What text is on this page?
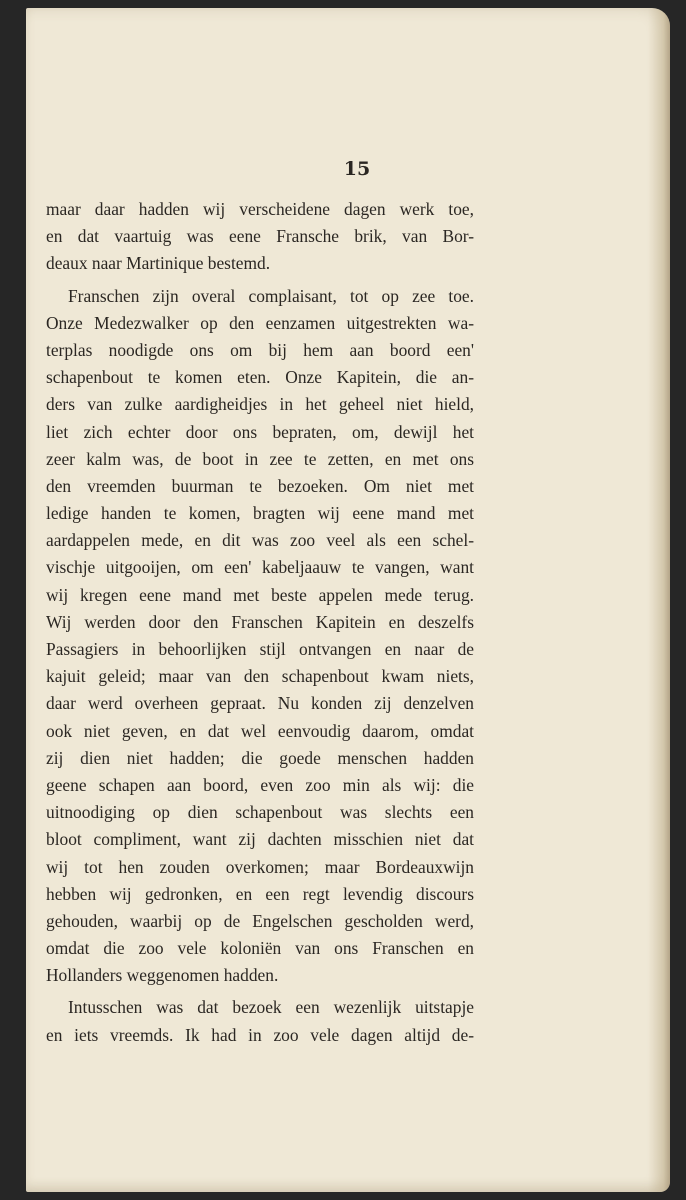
15
maar daar hadden wij verscheidene dagen werk toe,
en dat vaartuig was eene Fransche brik, van Bor-
deaux naar Martinique bestemd.
Franschen zijn overal complaisant, tot op zee toe.
Onze Medezwalker op den eenzamen uitgestrekten wa-
terplas noodigde ons om bij hem aan boord een'
schapenbout te komen eten. Onze Kapitein, die an-
ders van zulke aardigheidjes in het geheel niet hield,
liet zich echter door ons bepraten, om, dewijl het
zeer kalm was, de boot in zee te zetten, en met ons
den vreemden buurman te bezoeken. Om niet met
ledige handen te komen, bragten wij eene mand met
aardappelen mede, en dit was zoo veel als een schel-
vischje uitgooijen, om een' kabeljaauw te vangen, want
wij kregen eene mand met beste appelen mede terug.
Wij werden door den Franschen Kapitein en deszelfs
Passagiers in behoorlijken stijl ontvangen en naar de
kajuit geleid; maar van den schapenbout kwam niets,
daar werd overheen gepraat. Nu konden zij denzelven
ook niet geven, en dat wel eenvoudig daarom, omdat
zij dien niet hadden; die goede menschen hadden
geene schapen aan boord, even zoo min als wij: die
uitnoodiging op dien schapenbout was slechts een
bloot compliment, want zij dachten misschien niet dat
wij tot hen zouden overkomen; maar Bordeauxwijn
hebben wij gedronken, en een regt levendig discours
gehouden, waarbij op de Engelschen gescholden werd,
omdat die zoo vele koloniën van ons Franschen en
Hollanders weggenomen hadden.
Intusschen was dat bezoek een wezenlijk uitstapje
en iets vreemds. Ik had in zoo vele dagen altijd de-
